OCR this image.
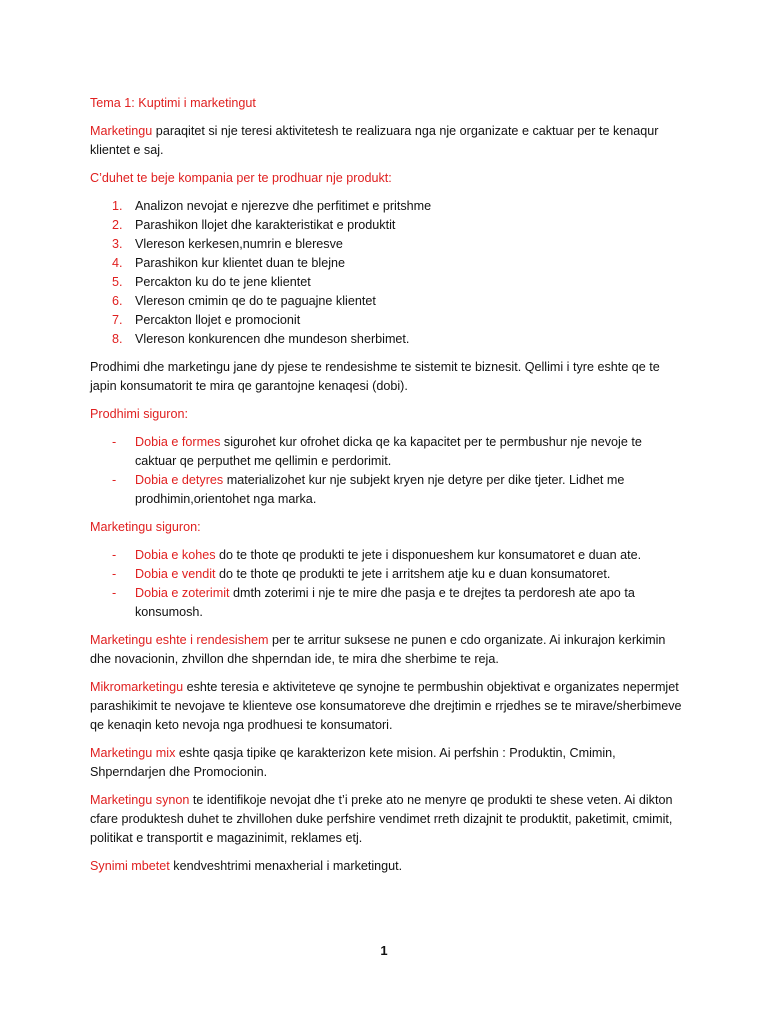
Tema 1: Kuptimi i marketingut

Marketingu paraqitet si nje teresi aktivitetesh te realizuara nga nje organizate e caktuar per te kenaqur klientet e saj.

C’duhet te beje kompania per te prodhuar nje produkt:

1. Analizon nevojat e njerezve dhe perfitimet e pritshme
2. Parashikon llojet dhe karakteristikat e produktit
3. Vlereson kerkesen,numrin e bleresve
4. Parashikon kur klientet duan te blejne
5. Percakton ku do te jene klientet
6. Vlereson cmimin qe do te paguajne klientet
7. Percakton llojet e promocionit
8. Vlereson konkurencen dhe mundeson sherbimet.

Prodhimi dhe marketingu jane dy pjese te rendesishme te sistemit te biznesit. Qellimi i tyre eshte qe te japin konsumatorit te mira qe garantojne kenaqesi (dobi).

Prodhimi siguron:

- Dobia e formes sigurohet kur ofrohet dicka qe ka kapacitet per te permbushur nje nevoje te caktuar qe perputhet me qellimin e perdorimit.
- Dobia e detyres materializohet kur nje subjekt kryen nje detyre per dike tjeter. Lidhet me prodhimin,orientohet nga marka.

Marketingu siguron:

- Dobia e kohes do te thote qe produkti te jete i disponueshem kur konsumatoret e duan ate.
- Dobia e vendit do te thote qe produkti te jete i arritshem atje ku e duan konsumatoret.
- Dobia e zoterimit dmth zoterimi i nje te mire dhe pasja e te drejtes ta perdoresh ate apo ta konsumosh.

Marketingu eshte i rendesishem per te arritur suksese ne punen e cdo organizate. Ai inkurajon kerkimin dhe novacionin, zhvillon dhe shperndan ide, te mira dhe sherbime te reja.

Mikromarketingu eshte teresia e aktiviteteve qe synojne te permbushin objektivat e organizates nepermjet parashikimit te nevojave te klienteve ose konsumatoreve dhe drejtimin e rrjedhes se te mirave/sherbimeve qe kenaqin keto nevoja nga prodhuesi te konsumatori.

Marketingu mix eshte qasja tipike qe karakterizon kete mision. Ai perfshin : Produktin, Cmimin, Shperndarjen dhe Promocionin.

Marketingu synon te identifikoje nevojat dhe t’i preke ato ne menyre qe produkti te shese veten. Ai dikton cfare produktesh duhet te zhvillohen duke perfshire vendimet rreth dizajnit te produktit, paketimit, cmimit, politikat e transportit e magazinimit, reklames etj.

Synimi mbetet kendveshtrimi menaxherial i marketingut.

1
